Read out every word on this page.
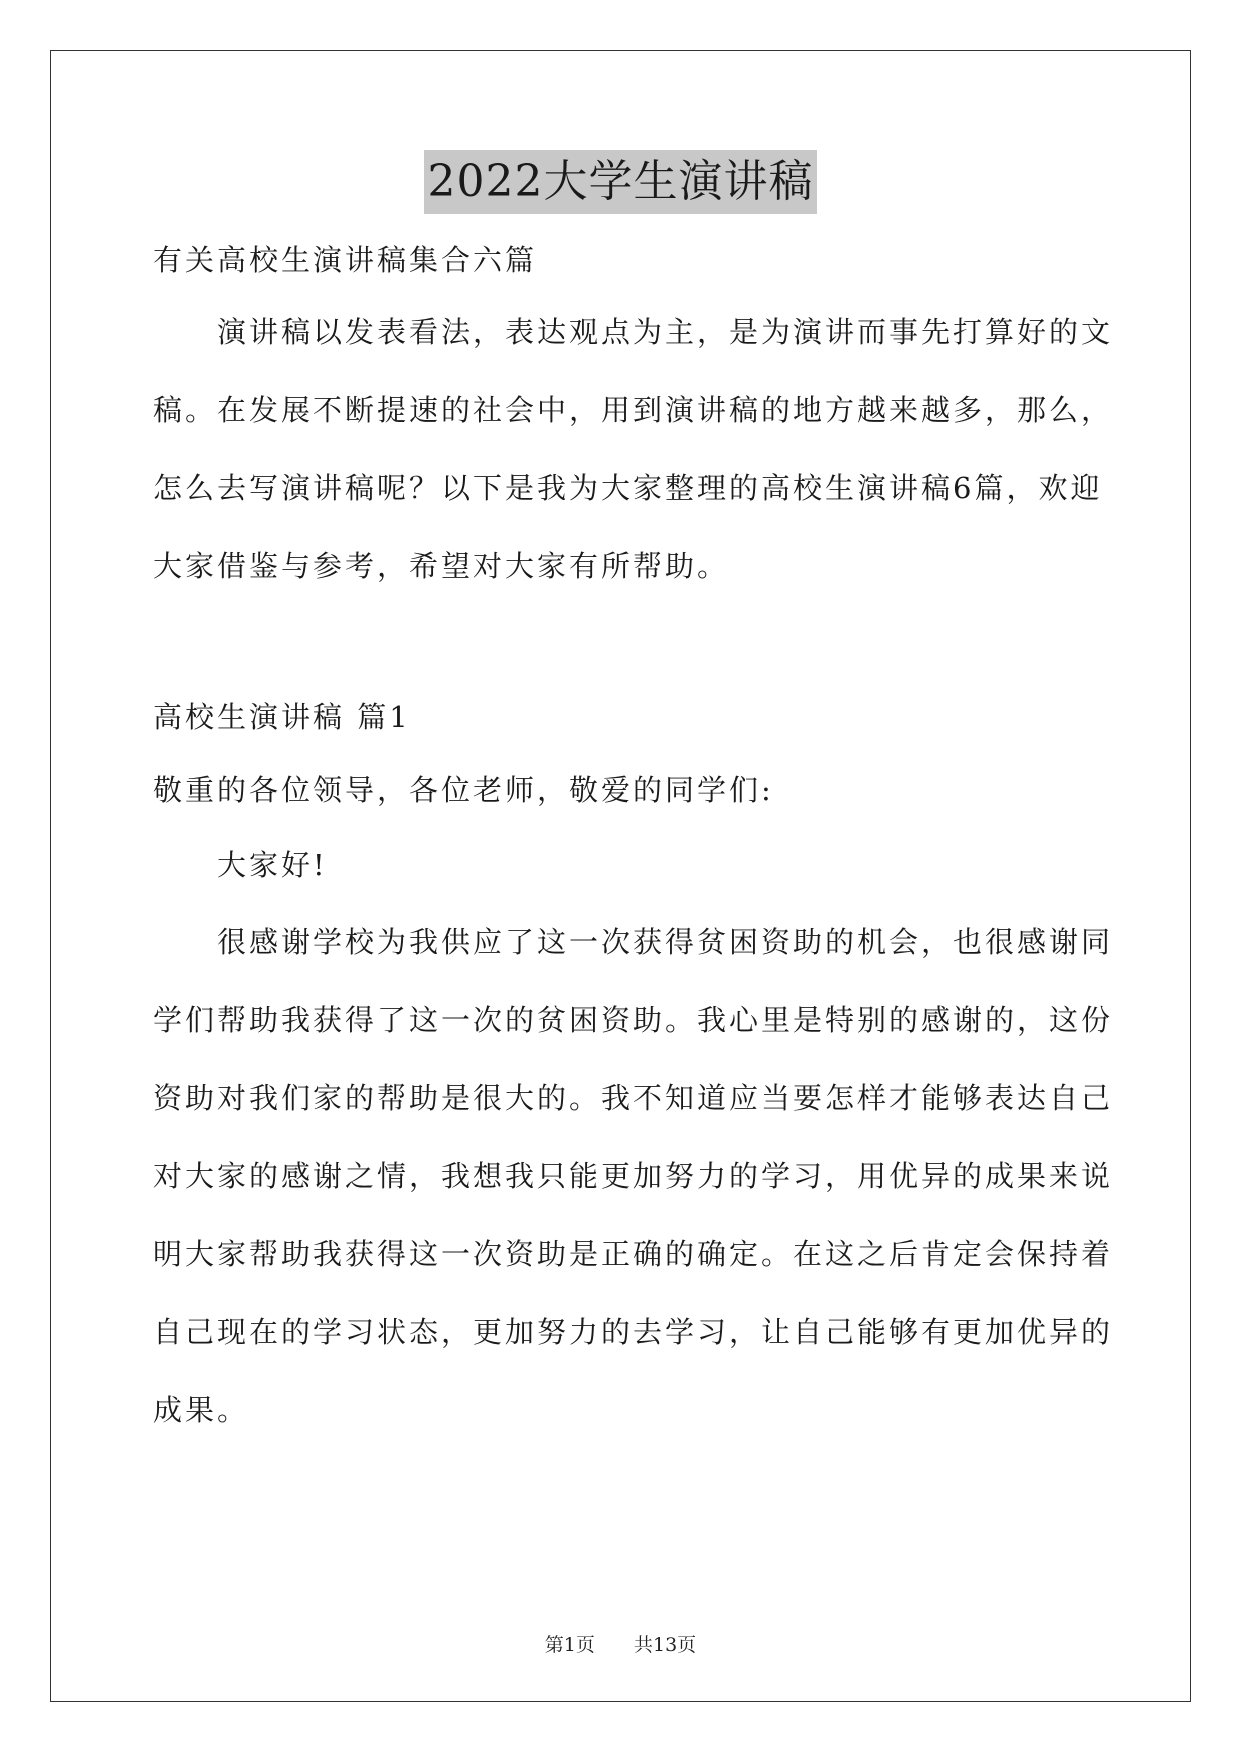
2022大学生演讲稿
有关高校生演讲稿集合六篇
　　演讲稿以发表看法，表达观点为主，是为演讲而事先打算好的文
稿。在发展不断提速的社会中，用到演讲稿的地方越来越多，那么，
怎么去写演讲稿呢？以下是我为大家整理的高校生演讲稿6篇，欢迎
大家借鉴与参考，希望对大家有所帮助。
高校生演讲稿 篇1
敬重的各位领导，各位老师，敬爱的同学们:
　　大家好!
　　很感谢学校为我供应了这一次获得贫困资助的机会，也很感谢同
学们帮助我获得了这一次的贫困资助。我心里是特别的感谢的，这份
资助对我们家的帮助是很大的。我不知道应当要怎样才能够表达自己
对大家的感谢之情，我想我只能更加努力的学习，用优异的成果来说
明大家帮助我获得这一次资助是正确的确定。在这之后肯定会保持着
自己现在的学习状态，更加努力的去学习，让自己能够有更加优异的
成果。
第1页 　 共13页
